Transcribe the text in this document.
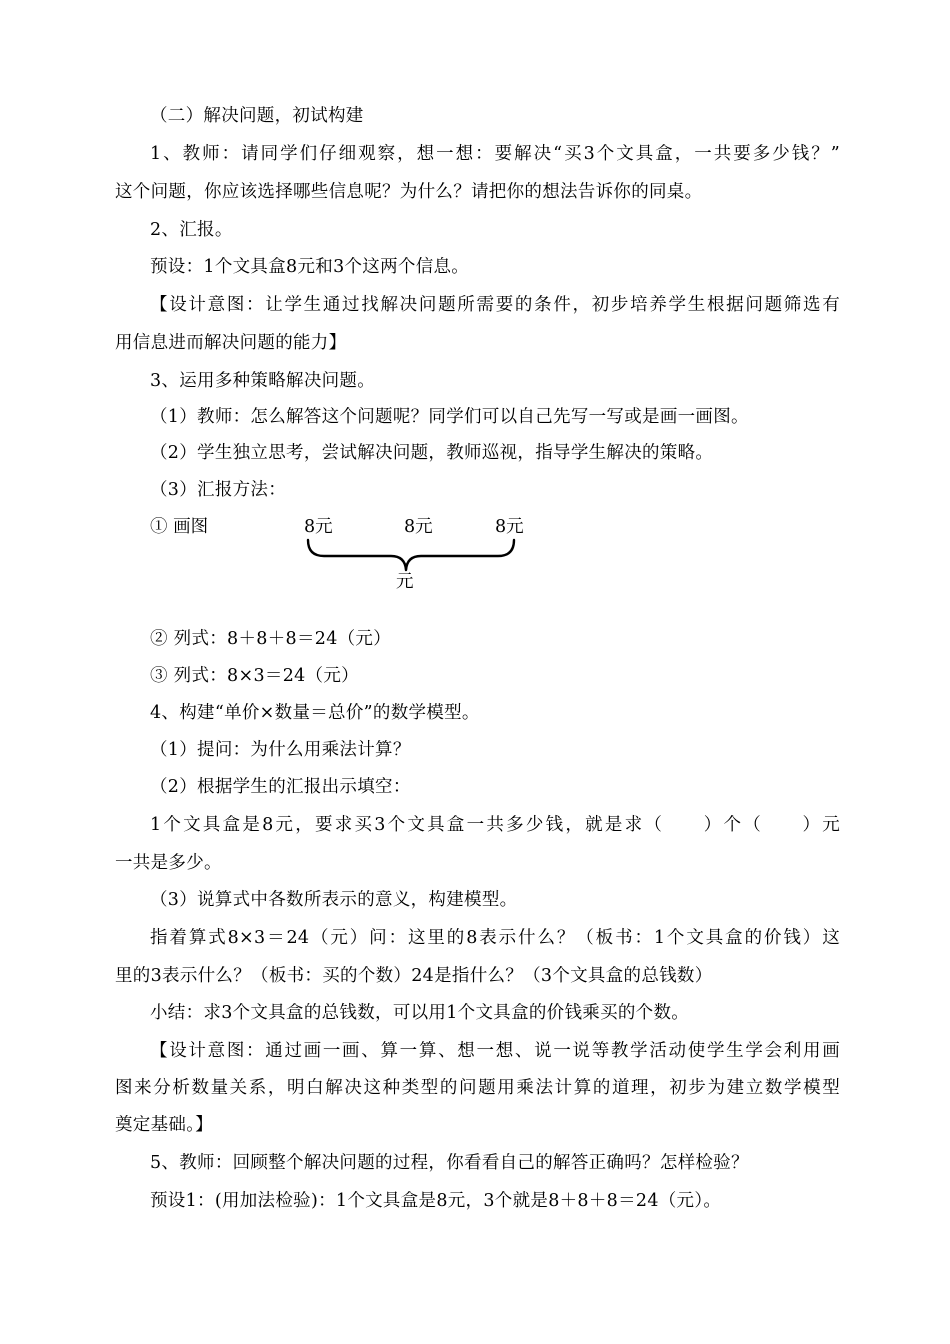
（二）解决问题，初试构建
1、教师：请同学们仔细观察，想一想：要解决“买3个文具盒，一共要多少钱？”
这个问题，你应该选择哪些信息呢？为什么？请把你的想法告诉你的同桌。
2、汇报。
预设：1个文具盒8元和3个这两个信息。
【设计意图：让学生通过找解决问题所需要的条件，初步培养学生根据问题筛选有
用信息进而解决问题的能力】
3、运用多种策略解决问题。
（1）教师：怎么解答这个问题呢？同学们可以自己先写一写或是画一画图。
（2）学生独立思考，尝试解决问题，教师巡视，指导学生解决的策略。
（3）汇报方法：
① 画图	8元	8元	8元
元
② 列式：8＋8＋8＝24（元）
③ 列式：8×3＝24（元）
4、构建“单价×数量＝总价”的数学模型。
（1）提问：为什么用乘法计算？
（2）根据学生的汇报出示填空：
1个文具盒是8元，要求买3个文具盒一共多少钱，就是求（　　）个（　　）元
一共是多少。
（3）说算式中各数所表示的意义，构建模型。
指着算式8×3＝24（元）问：这里的8表示什么？（板书：1个文具盒的价钱）这
里的3表示什么？（板书：买的个数）24是指什么？（3个文具盒的总钱数）
小结：求3个文具盒的总钱数，可以用1个文具盒的价钱乘买的个数。
【设计意图：通过画一画、算一算、想一想、说一说等教学活动使学生学会利用画
图来分析数量关系，明白解决这种类型的问题用乘法计算的道理，初步为建立数学模型
奠定基础。】
5、教师：回顾整个解决问题的过程，你看看自己的解答正确吗？怎样检验？
预设1：(用加法检验)：1个文具盒是8元，3个就是8＋8＋8＝24（元）。
